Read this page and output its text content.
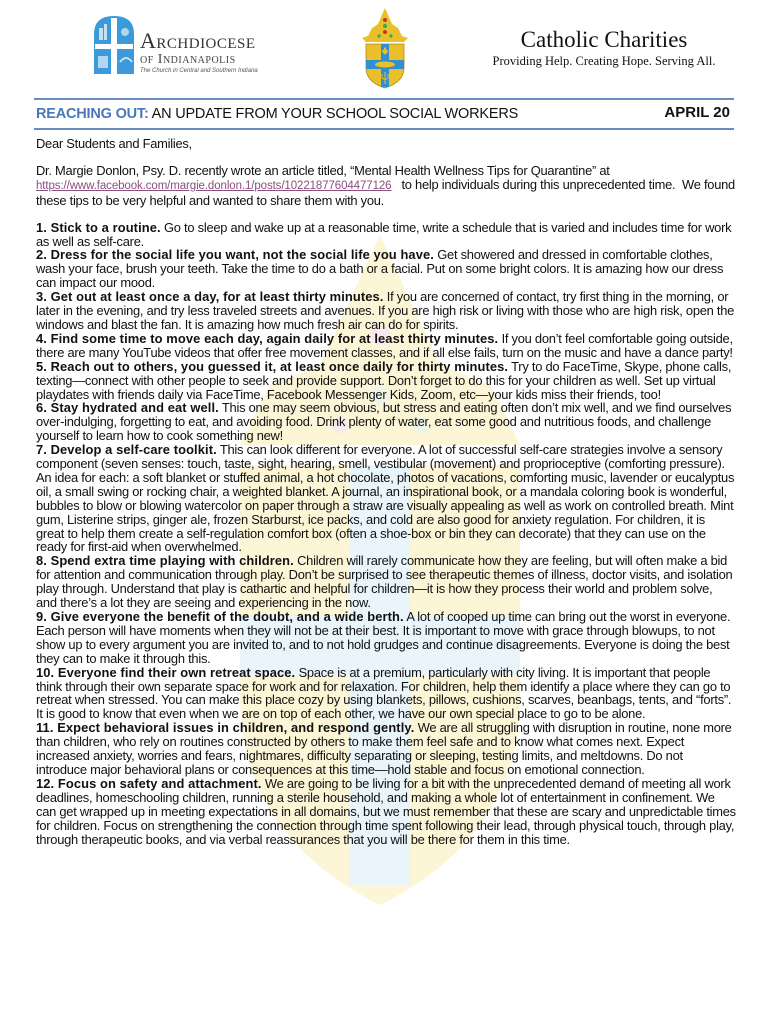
Archdiocese
of Indianapolis
The Church in Central and Southern Indiana
Catholic Charities
Providing Help. Creating Hope. Serving All.
REACHING OUT: AN UPDATE FROM YOUR SCHOOL SOCIAL WORKERS	APRIL 20

Dear Students and Families,

Dr. Margie Donlon, Psy. D. recently wrote an article titled, “Mental Health Wellness Tips for Quarantine” at https://www.facebook.com/margie.donlon.1/posts/10221877604477126   to help individuals during this unprecedented time.  We found these tips to be very helpful and wanted to share them with you.

1. Stick to a routine. Go to sleep and wake up at a reasonable time, write a schedule that is varied and includes time for work as well as self-care.

2. Dress for the social life you want, not the social life you have. Get showered and dressed in comfortable clothes, wash your face, brush your teeth. Take the time to do a bath or a facial. Put on some bright colors. It is amazing how our dress can impact our mood.

3. Get out at least once a day, for at least thirty minutes. If you are concerned of contact, try first thing in the morning, or later in the evening, and try less traveled streets and avenues. If you are high risk or living with those who are high risk, open the windows and blast the fan. It is amazing how much fresh air can do for spirits.

4. Find some time to move each day, again daily for at least thirty minutes. If you don’t feel comfortable going outside, there are many YouTube videos that offer free movement classes, and if all else fails, turn on the music and have a dance party!

5. Reach out to others, you guessed it, at least once daily for thirty minutes. Try to do FaceTime, Skype, phone calls, texting—connect with other people to seek and provide support. Don’t forget to do this for your children as well. Set up virtual playdates with friends daily via FaceTime, Facebook Messenger Kids, Zoom, etc—your kids miss their friends, too!

6. Stay hydrated and eat well. This one may seem obvious, but stress and eating often don’t mix well, and we find ourselves over-indulging, forgetting to eat, and avoiding food. Drink plenty of water, eat some good and nutritious foods, and challenge yourself to learn how to cook something new!

7. Develop a self-care toolkit. This can look different for everyone. A lot of successful self-care strategies involve a sensory component (seven senses: touch, taste, sight, hearing, smell, vestibular (movement) and proprioceptive (comforting pressure). An idea for each: a soft blanket or stuffed animal, a hot chocolate, photos of vacations, comforting music, lavender or eucalyptus oil, a small swing or rocking chair, a weighted blanket. A journal, an inspirational book, or a mandala coloring book is wonderful, bubbles to blow or blowing watercolor on paper through a straw are visually appealing as well as work on controlled breath. Mint gum, Listerine strips, ginger ale, frozen Starburst, ice packs, and cold are also good for anxiety regulation. For children, it is great to help them create a self-regulation comfort box (often a shoe-box or bin they can decorate) that they can use on the ready for first-aid when overwhelmed.

8. Spend extra time playing with children. Children will rarely communicate how they are feeling, but will often make a bid for attention and communication through play. Don’t be surprised to see therapeutic themes of illness, doctor visits, and isolation play through. Understand that play is cathartic and helpful for children—it is how they process their world and problem solve, and there’s a lot they are seeing and experiencing in the now.

9. Give everyone the benefit of the doubt, and a wide berth. A lot of cooped up time can bring out the worst in everyone. Each person will have moments when they will not be at their best. It is important to move with grace through blowups, to not show up to every argument you are invited to, and to not hold grudges and continue disagreements. Everyone is doing the best they can to make it through this.

10. Everyone find their own retreat space. Space is at a premium, particularly with city living. It is important that people think through their own separate space for work and for relaxation. For children, help them identify a place where they can go to retreat when stressed. You can make this place cozy by using blankets, pillows, cushions, scarves, beanbags, tents, and “forts”. It is good to know that even when we are on top of each other, we have our own special place to go to be alone.

11. Expect behavioral issues in children, and respond gently. We are all struggling with disruption in routine, none more than children, who rely on routines constructed by others to make them feel safe and to know what comes next. Expect increased anxiety, worries and fears, nightmares, difficulty separating or sleeping, testing limits, and meltdowns. Do not introduce major behavioral plans or consequences at this time—hold stable and focus on emotional connection.

12. Focus on safety and attachment. We are going to be living for a bit with the unprecedented demand of meeting all work deadlines, homeschooling children, running a sterile household, and making a whole lot of entertainment in confinement. We can get wrapped up in meeting expectations in all domains, but we must remember that these are scary and unpredictable times for children. Focus on strengthening the connection through time spent following their lead, through physical touch, through play, through therapeutic books, and via verbal reassurances that you will be there for them in this time.
